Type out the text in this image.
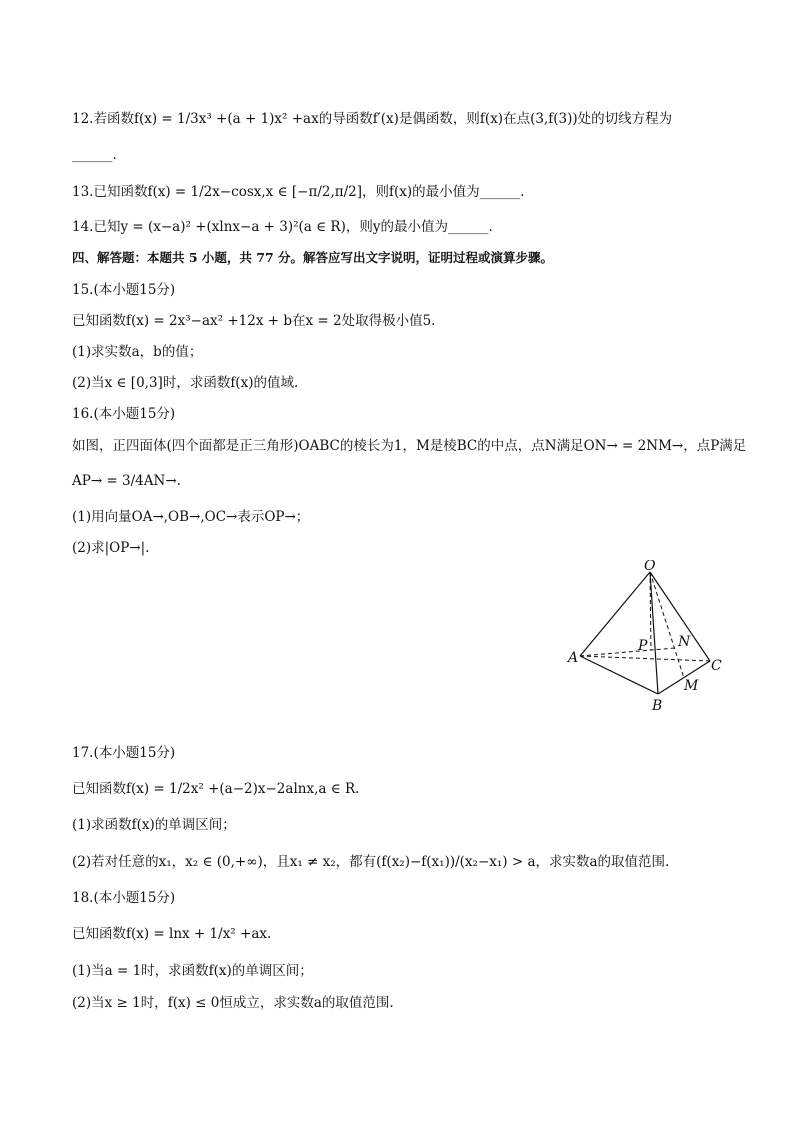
12.若函数f(x) = 1/3x³ +(a + 1)x² +ax的导函数f′(x)是偶函数，则f(x)在点(3,f(3))处的切线方程为
______.
13.已知函数f(x) = 1/2x−cosx,x ∈ [−π/2,π/2]，则f(x)的最小值为______.
14.已知y = (x−a)² +(xlnx−a + 3)²(a ∈ R)，则y的最小值为______.
四、解答题：本题共 5 小题，共 77 分。解答应写出文字说明，证明过程或演算步骤。
15.(本小题15分)
已知函数f(x) = 2x³−ax² +12x + b在x = 2处取得极小值5.
(1)求实数a，b的值；
(2)当x ∈ [0,3]时，求函数f(x)的值域.
16.(本小题15分)
如图，正四面体(四个面都是正三角形)OABC的棱长为1，M是棱BC的中点，点N满足ON→ = 2NM→，点P满足
AP→ = 3/4AN→.
(1)用向量OA→,OB→,OC→表示OP→；
(2)求|OP→|.
O
A
B
C
N
M
P
17.(本小题15分)
已知函数f(x) = 1/2x² +(a−2)x−2alnx,a ∈ R.
(1)求函数f(x)的单调区间；
(2)若对任意的x₁，x₂ ∈ (0,+∞)，且x₁ ≠ x₂，都有(f(x₂)−f(x₁))/(x₂−x₁) > a，求实数a的取值范围.
18.(本小题15分)
已知函数f(x) = lnx + 1/x² +ax.
(1)当a = 1时，求函数f(x)的单调区间；
(2)当x ≥ 1时，f(x) ≤ 0恒成立，求实数a的取值范围.
